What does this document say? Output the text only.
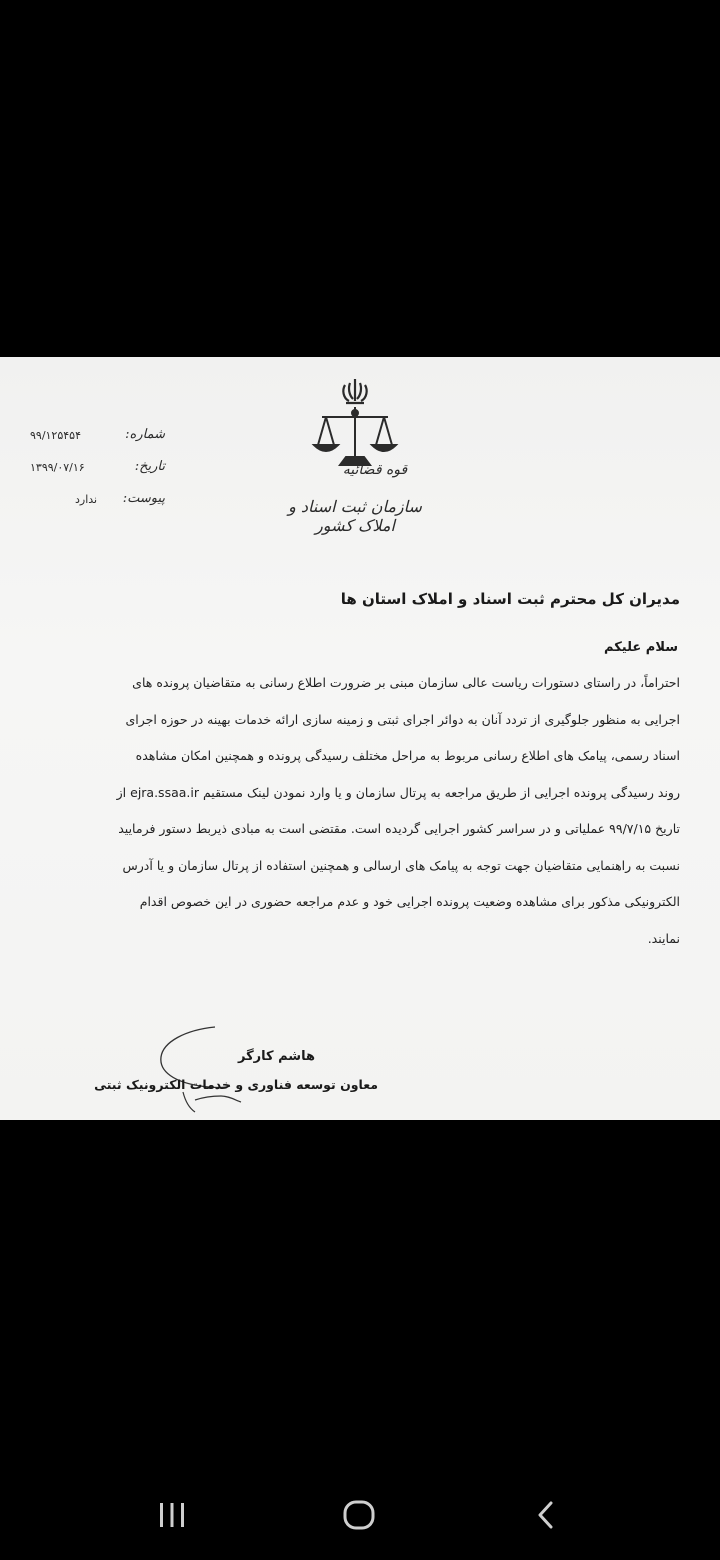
قوه قضائیه
سازمان ثبت اسناد و املاک کشور
شماره:
۹۹/۱۲۵۴۵۴
تاریخ:
۱۳۹۹/۰۷/۱۶
پیوست:
ندارد
مدیران کل محترم ثبت اسناد و املاک استان ها
سلام علیکم
احتراماً، در راستای دستورات ریاست عالی سازمان مبنی بر ضرورت اطلاع رسانی به متقاضیان پرونده های
اجرایی به منظور جلوگیری از تردد آنان به دوائر اجرای ثبتی و زمینه سازی ارائه خدمات بهینه در حوزه اجرای
اسناد رسمی، پیامک های اطلاع رسانی مربوط به مراحل مختلف رسیدگی پرونده و همچنین امکان مشاهده
روند رسیدگی پرونده اجرایی از طریق مراجعه به پرتال سازمان و یا وارد نمودن لینک مستقیم ejra.ssaa.ir از
تاریخ ۹۹/۷/۱۵ عملیاتی و در سراسر کشور اجرایی گردیده است. مقتضی است به مبادی ذیربط دستور فرمایید
نسبت به راهنمایی متقاضیان جهت توجه به پیامک های ارسالی و همچنین استفاده از پرتال سازمان و یا آدرس
الکترونیکی مذکور برای مشاهده وضعیت پرونده اجرایی خود و عدم مراجعه حضوری در این خصوص اقدام
نمایند.
هاشم کارگر
معاون توسعه فناوری و خدمات الکترونیک ثبتی
